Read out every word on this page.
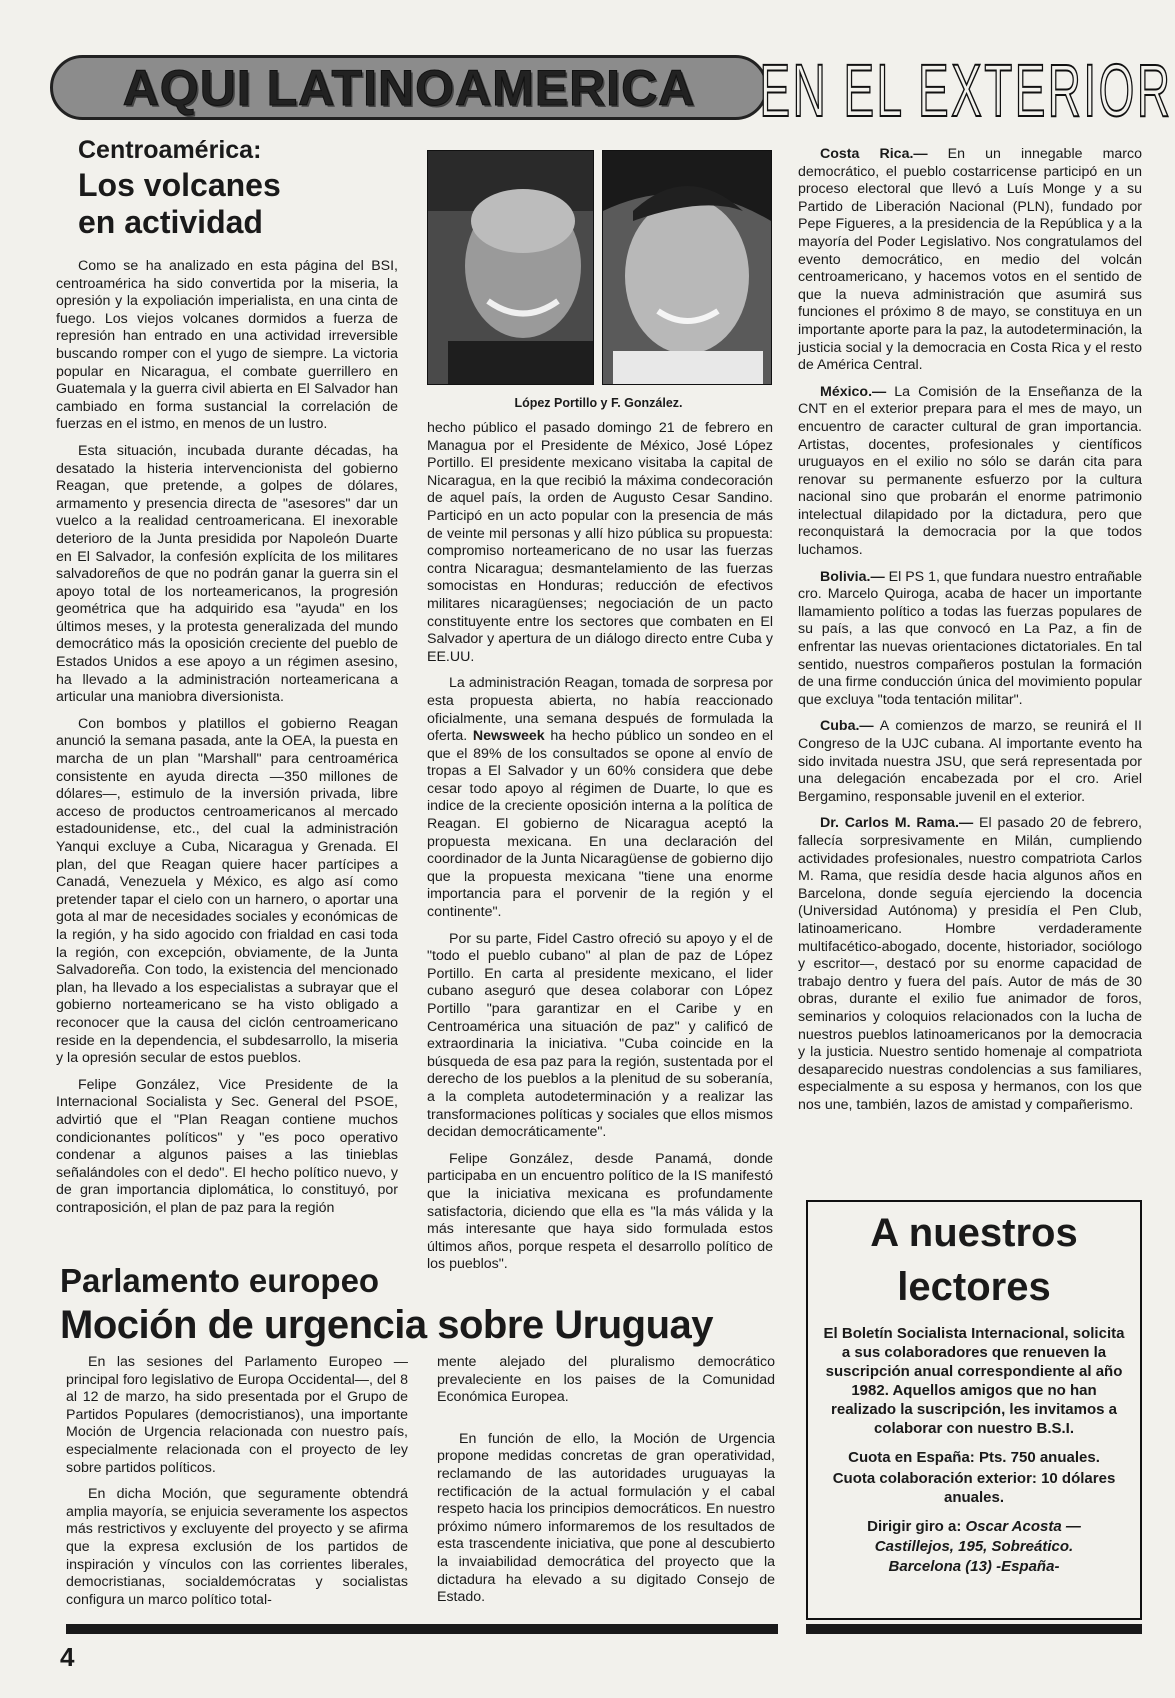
AQUI LATINOAMERICA EN EL EXTERIOR
Centroamérica:
Los volcanes
en actividad

Como se ha analizado en esta página del BSI, centroamérica ha sido convertida por la miseria, la opresión y la expoliación imperialista, en una cinta de fuego. Los viejos volcanes dormidos a fuerza de represión han entrado en una actividad irreversible buscando romper con el yugo de siempre. La victoria popular en Nicaragua, el combate guerrillero en Guatemala y la guerra civil abierta en El Salvador han cambiado en forma sustancial la correlación de fuerzas en el istmo, en menos de un lustro.

Esta situación, incubada durante décadas, ha desatado la histeria intervencionista del gobierno Reagan, que pretende, a golpes de dólares, armamento y presencia directa de "asesores" dar un vuelco a la realidad centroamericana. El inexorable deterioro de la Junta presidida por Napoleón Duarte en El Salvador, la confesión explícita de los militares salvadoreños de que no podrán ganar la guerra sin el apoyo total de los norteamericanos, la progresión geométrica que ha adquirido esa "ayuda" en los últimos meses, y la protesta generalizada del mundo democrático más la oposición creciente del pueblo de Estados Unidos a ese apoyo a un régimen asesino, ha llevado a la administración norteamericana a articular una maniobra diversionista.

Con bombos y platillos el gobierno Reagan anunció la semana pasada, ante la OEA, la puesta en marcha de un plan "Marshall" para centroamérica consistente en ayuda directa —350 millones de dólares—, estimulo de la inversión privada, libre acceso de productos centroamericanos al mercado estadounidense, etc., del cual la administración Yanqui excluye a Cuba, Nicaragua y Grenada. El plan, del que Reagan quiere hacer partícipes a Canadá, Venezuela y México, es algo así como pretender tapar el cielo con un harnero, o aportar una gota al mar de necesidades sociales y económicas de la región, y ha sido agocido con frialdad en casi toda la región, con excepción, obviamente, de la Junta Salvadoreña. Con todo, la existencia del mencionado plan, ha llevado a los especialistas a subrayar que el gobierno norteamericano se ha visto obligado a reconocer que la causa del ciclón centroamericano reside en la dependencia, el subdesarrollo, la miseria y la opresión secular de estos pueblos.

Felipe González, Vice Presidente de la Internacional Socialista y Sec. General del PSOE, advirtió que el "Plan Reagan contiene muchos condicionantes políticos" y "es poco operativo condenar a algunos paises a las tinieblas señalándoles con el dedo". El hecho político nuevo, y de gran importancia diplomática, lo constituyó, por contraposición, el plan de paz para la región

López Portillo y F. González.

hecho público el pasado domingo 21 de febrero en Managua por el Presidente de México, José López Portillo. El presidente mexicano visitaba la capital de Nicaragua, en la que recibió la máxima condecoración de aquel país, la orden de Augusto Cesar Sandino. Participó en un acto popular con la presencia de más de veinte mil personas y allí hizo pública su propuesta: compromiso norteamericano de no usar las fuerzas contra Nicaragua; desmantelamiento de las fuerzas somocistas en Honduras; reducción de efectivos militares nicaragüenses; negociación de un pacto constituyente entre los sectores que combaten en El Salvador y apertura de un diálogo directo entre Cuba y EE.UU.

La administración Reagan, tomada de sorpresa por esta propuesta abierta, no había reaccionado oficialmente, una semana después de formulada la oferta. Newsweek ha hecho público un sondeo en el que el 89% de los consultados se opone al envío de tropas a El Salvador y un 60% considera que debe cesar todo apoyo al régimen de Duarte, lo que es indice de la creciente oposición interna a la política de Reagan. El gobierno de Nicaragua aceptó la propuesta mexicana. En una declaración del coordinador de la Junta Nicaragüense de gobierno dijo que la propuesta mexicana "tiene una enorme importancia para el porvenir de la región y el continente".

Por su parte, Fidel Castro ofreció su apoyo y el de "todo el pueblo cubano" al plan de paz de López Portillo. En carta al presidente mexicano, el lider cubano aseguró que desea colaborar con López Portillo "para garantizar en el Caribe y en Centroamérica una situación de paz" y calificó de extraordinaria la iniciativa. "Cuba coincide en la búsqueda de esa paz para la región, sustentada por el derecho de los pueblos a la plenitud de su soberanía, a la completa autodeterminación y a realizar las transformaciones políticas y sociales que ellos mismos decidan democráticamente".

Felipe González, desde Panamá, donde participaba en un encuentro político de la IS manifestó que la iniciativa mexicana es profundamente satisfactoria, diciendo que ella es "la más válida y la más interesante que haya sido formulada estos últimos años, porque respeta el desarrollo político de los pueblos".

Costa Rica.— En un innegable marco democrático, el pueblo costarricense participó en un proceso electoral que llevó a Luís Monge y a su Partido de Liberación Nacional (PLN), fundado por Pepe Figueres, a la presidencia de la República y a la mayoría del Poder Legislativo. Nos congratulamos del evento democrático, en medio del volcán centroamericano, y hacemos votos en el sentido de que la nueva administración que asumirá sus funciones el próximo 8 de mayo, se constituya en un importante aporte para la paz, la autodeterminación, la justicia social y la democracia en Costa Rica y el resto de América Central.

México.— La Comisión de la Enseñanza de la CNT en el exterior prepara para el mes de mayo, un encuentro de caracter cultural de gran importancia. Artistas, docentes, profesionales y científicos uruguayos en el exilio no sólo se darán cita para renovar su permanente esfuerzo por la cultura nacional sino que probarán el enorme patrimonio intelectual dilapidado por la dictadura, pero que reconquistará la democracia por la que todos luchamos.

Bolivia.— El PS 1, que fundara nuestro entrañable cro. Marcelo Quiroga, acaba de hacer un importante llamamiento político a todas las fuerzas populares de su país, a las que convocó en La Paz, a fin de enfrentar las nuevas orientaciones dictatoriales. En tal sentido, nuestros compañeros postulan la formación de una firme conducción única del movimiento popular que excluya "toda tentación militar".

Cuba.— A comienzos de marzo, se reunirá el II Congreso de la UJC cubana. Al importante evento ha sido invitada nuestra JSU, que será representada por una delegación encabezada por el cro. Ariel Bergamino, responsable juvenil en el exterior.

Dr. Carlos M. Rama.— El pasado 20 de febrero, fallecía sorpresivamente en Milán, cumpliendo actividades profesionales, nuestro compatriota Carlos M. Rama, que residía desde hacia algunos años en Barcelona, donde seguía ejerciendo la docencia (Universidad Autónoma) y presidía el Pen Club, latinoamericano. Hombre verdaderamente multifacético-abogado, docente, historiador, sociólogo y escritor—, destacó por su enorme capacidad de trabajo dentro y fuera del país. Autor de más de 30 obras, durante el exilio fue animador de foros, seminarios y coloquios relacionados con la lucha de nuestros pueblos latinoamericanos por la democracia y la justicia. Nuestro sentido homenaje al compatriota desaparecido nuestras condolencias a sus familiares, especialmente a su esposa y hermanos, con los que nos une, también, lazos de amistad y compañerismo.

Parlamento europeo
Moción de urgencia sobre Uruguay

En las sesiones del Parlamento Europeo —principal foro legislativo de Europa Occidental—, del 8 al 12 de marzo, ha sido presentada por el Grupo de Partidos Populares (democristianos), una importante Moción de Urgencia relacionada con nuestro país, especialmente relacionada con el proyecto de ley sobre partidos políticos.

En dicha Moción, que seguramente obtendrá amplia mayoría, se enjuicia severamente los aspectos más restrictivos y excluyente del proyecto y se afirma que la expresa exclusión de los partidos de inspiración y vínculos con las corrientes liberales, democristianas, socialdemócratas y socialistas configura un marco político total-

mente alejado del pluralismo democrático prevaleciente en los paises de la Comunidad Económica Europea.

En función de ello, la Moción de Urgencia propone medidas concretas de gran operatividad, reclamando de las autoridades uruguayas la rectificación de la actual formulación y el cabal respeto hacia los principios democráticos. En nuestro próximo número informaremos de los resultados de esta trascendente iniciativa, que pone al descubierto la invaiabilidad democrática del proyecto que la dictadura ha elevado a su digitado Consejo de Estado.

A nuestros
lectores
El Boletín Socialista Internacional, solicita a sus colaboradores que renueven la suscripción anual correspondiente al año 1982. Aquellos amigos que no han realizado la suscripción, les invitamos a colaborar con nuestro B.S.I.
Cuota en España: Pts. 750 anuales.
Cuota colaboración exterior: 10 dólares anuales.
Dirigir giro a: Oscar Acosta —
Castillejos, 195, Sobreático.
Barcelona (13) -España-
4
